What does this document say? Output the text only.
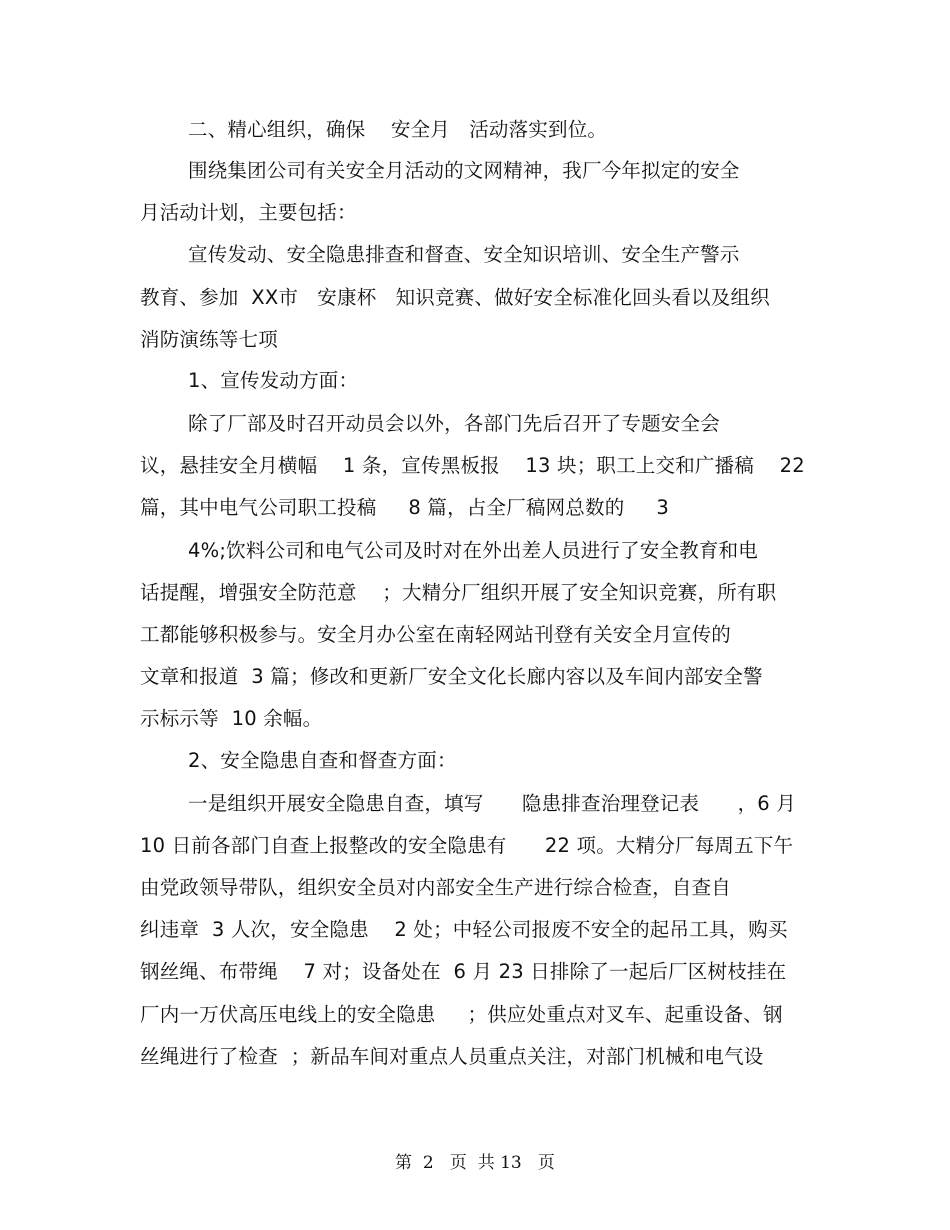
二、精心组织，确保    安全月   活动落实到位。
围绕集团公司有关安全月活动的文网精神，我厂今年拟定的安全
月活动计划，主要包括：
宣传发动、安全隐患排查和督查、安全知识培训、安全生产警示
教育、参加  XX市   安康杯   知识竞赛、做好安全标准化回头看以及组织
消防演练等七项
1、宣传发动方面：
除了厂部及时召开动员会以外，各部门先后召开了专题安全会
议，悬挂安全月横幅    1 条，宣传黑板报    13 块；职工上交和广播稿    22
篇，其中电气公司职工投稿     8 篇，占全厂稿网总数的     3
4%;饮料公司和电气公司及时对在外出差人员进行了安全教育和电
话提醒，增强安全防范意    ；大精分厂组织开展了安全知识竞赛，所有职
工都能够积极参与。安全月办公室在南轻网站刊登有关安全月宣传的
文章和报道  3 篇；修改和更新厂安全文化长廊内容以及车间内部安全警
示标示等  10 余幅。
2、安全隐患自查和督查方面：
一是组织开展安全隐患自查，填写      隐患排查治理登记表      ，6 月
10 日前各部门自查上报整改的安全隐患有      22 项。大精分厂每周五下午
由党政领导带队，组织安全员对内部安全生产进行综合检查，自查自
纠违章  3 人次，安全隐患    2 处；中轻公司报废不安全的起吊工具，购买
钢丝绳、布带绳    7 对；设备处在  6 月 23 日排除了一起后厂区树枝挂在
厂内一万伏高压电线上的安全隐患     ；供应处重点对叉车、起重设备、钢
丝绳进行了检查  ；新品车间对重点人员重点关注，对部门机械和电气设
第  2   页  共 13   页
